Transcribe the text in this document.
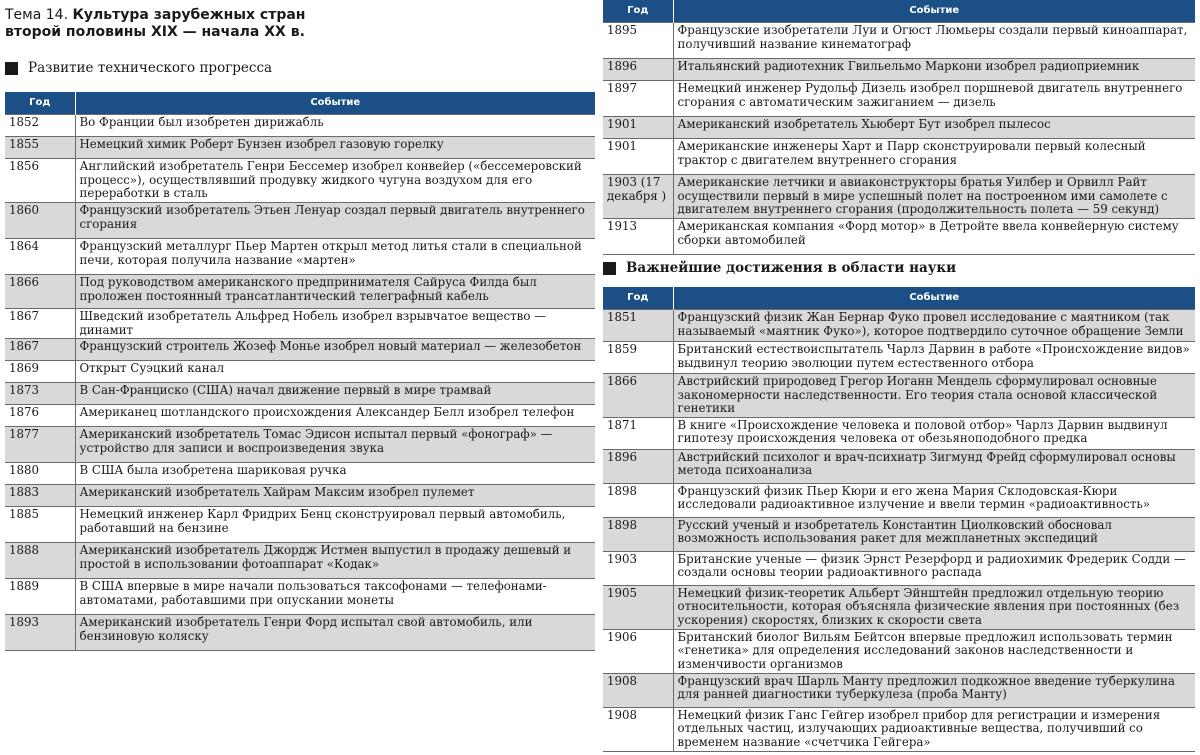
Тема 14. Культура зарубежных стран
второй половины XIX — начала XX в.
Развитие технического прогресса
Год	Событие
1852	Во Франции был изобретен дирижабль
1855	Немецкий химик Роберт Бунзен изобрел газовую горелку
1856	Английский изобретатель Генри Бессемер изобрел конвейер («бессемеровский процесс»), осуществлявший продувку жидкого чугуна воздухом для его переработки в сталь
1860	Французский изобретатель Этьен Ленуар создал первый двигатель внутреннего сгорания
1864	Французский металлург Пьер Мартен открыл метод литья стали в специальной печи, которая получила название «мартен»
1866	Под руководством американского предпринимателя Сайруса Филда был проложен постоянный трансатлантический телеграфный кабель
1867	Шведский изобретатель Альфред Нобель изобрел взрывчатое вещество — динамит
1867	Французский строитель Жозеф Монье изобрел новый материал — железобетон
1869	Открыт Суэцкий канал
1873	В Сан-Франциско (США) начал движение первый в мире трамвай
1876	Американец шотландского происхождения Александер Белл изобрел телефон
1877	Американский изобретатель Томас Эдисон испытал первый «фонограф» — устройство для записи и воспроизведения звука
1880	В США была изобретена шариковая ручка
1883	Американский изобретатель Хайрам Максим изобрел пулемет
1885	Немецкий инженер Карл Фридрих Бенц сконструировал первый автомобиль, работавший на бензине
1888	Американский изобретатель Джордж Истмен выпустил в продажу дешевый и простой в использовании фотоаппарат «Кодак»
1889	В США впервые в мире начали пользоваться таксофонами — телефонами-автоматами, работавшими при опускании монеты
1893	Американский изобретатель Генри Форд испытал свой автомобиль, или бензиновую коляску
Год	Событие
1895	Французские изобретатели Луи и Огюст Люмьеры создали первый киноаппарат, получивший название кинематограф
1896	Итальянский радиотехник Гвильельмо Маркони изобрел радиоприемник
1897	Немецкий инженер Рудольф Дизель изобрел поршневой двигатель внутреннего сгорания с автоматическим зажиганием — дизель
1901	Американский изобретатель Хьюберт Бут изобрел пылесос
1901	Американские инженеры Харт и Парр сконструировали первый колесный трактор с двигателем внутреннего сгорания
1903 (17 декабря )	Американские летчики и авиаконструкторы братья Уилбер и Орвилл Райт осуществили первый в мире успешный полет на построенном ими самолете с двигателем внутреннего сгорания (продолжительность полета — 59 секунд)
1913	Американская компания «Форд мотор» в Детройте ввела конвейерную систему сборки автомобилей
Важнейшие достижения в области науки
Год	Событие
1851	Французский физик Жан Бернар Фуко провел исследование с маятником (так называемый «маятник Фуко»), которое подтвердило суточное обращение Земли
1859	Британский естествоиспытатель Чарлз Дарвин в работе «Происхождение видов» выдвинул теорию эволюции путем естественного отбора
1866	Австрийский природовед Грегор Иоганн Мендель сформулировал основные закономерности наследственности. Его теория стала основой классической генетики
1871	В книге «Происхождение человека и половой отбор» Чарлз Дарвин выдвинул гипотезу происхождения человека от обезьяноподобного предка
1896	Австрийский психолог и врач-психиатр Зигмунд Фрейд сформулировал основы метода психоанализа
1898	Французский физик Пьер Кюри и его жена Мария Склодовская-Кюри исследовали радиоактивное излучение и ввели термин «радиоактивность»
1898	Русский ученый и изобретатель Константин Циолковский обосновал возможность использования ракет для межпланетных экспедиций
1903	Британские ученые — физик Эрнст Резерфорд и радиохимик Фредерик Содди — создали основы теории радиоактивного распада
1905	Немецкий физик-теоретик Альберт Эйнштейн предложил отдельную теорию относительности, которая объясняла физические явления при постоянных (без ускорения) скоростях, близких к скорости света
1906	Британский биолог Вильям Бейтсон впервые предложил использовать термин «генетика» для определения исследований законов наследственности и изменчивости организмов
1908	Французский врач Шарль Манту предложил подкожное введение туберкулина для ранней диагностики туберкулеза (проба Манту)
1908	Немецкий физик Ганс Гейгер изобрел прибор для регистрации и измерения отдельных частиц, излучающих радиоактивные вещества, получивший со временем название «счетчика Гейгера»
